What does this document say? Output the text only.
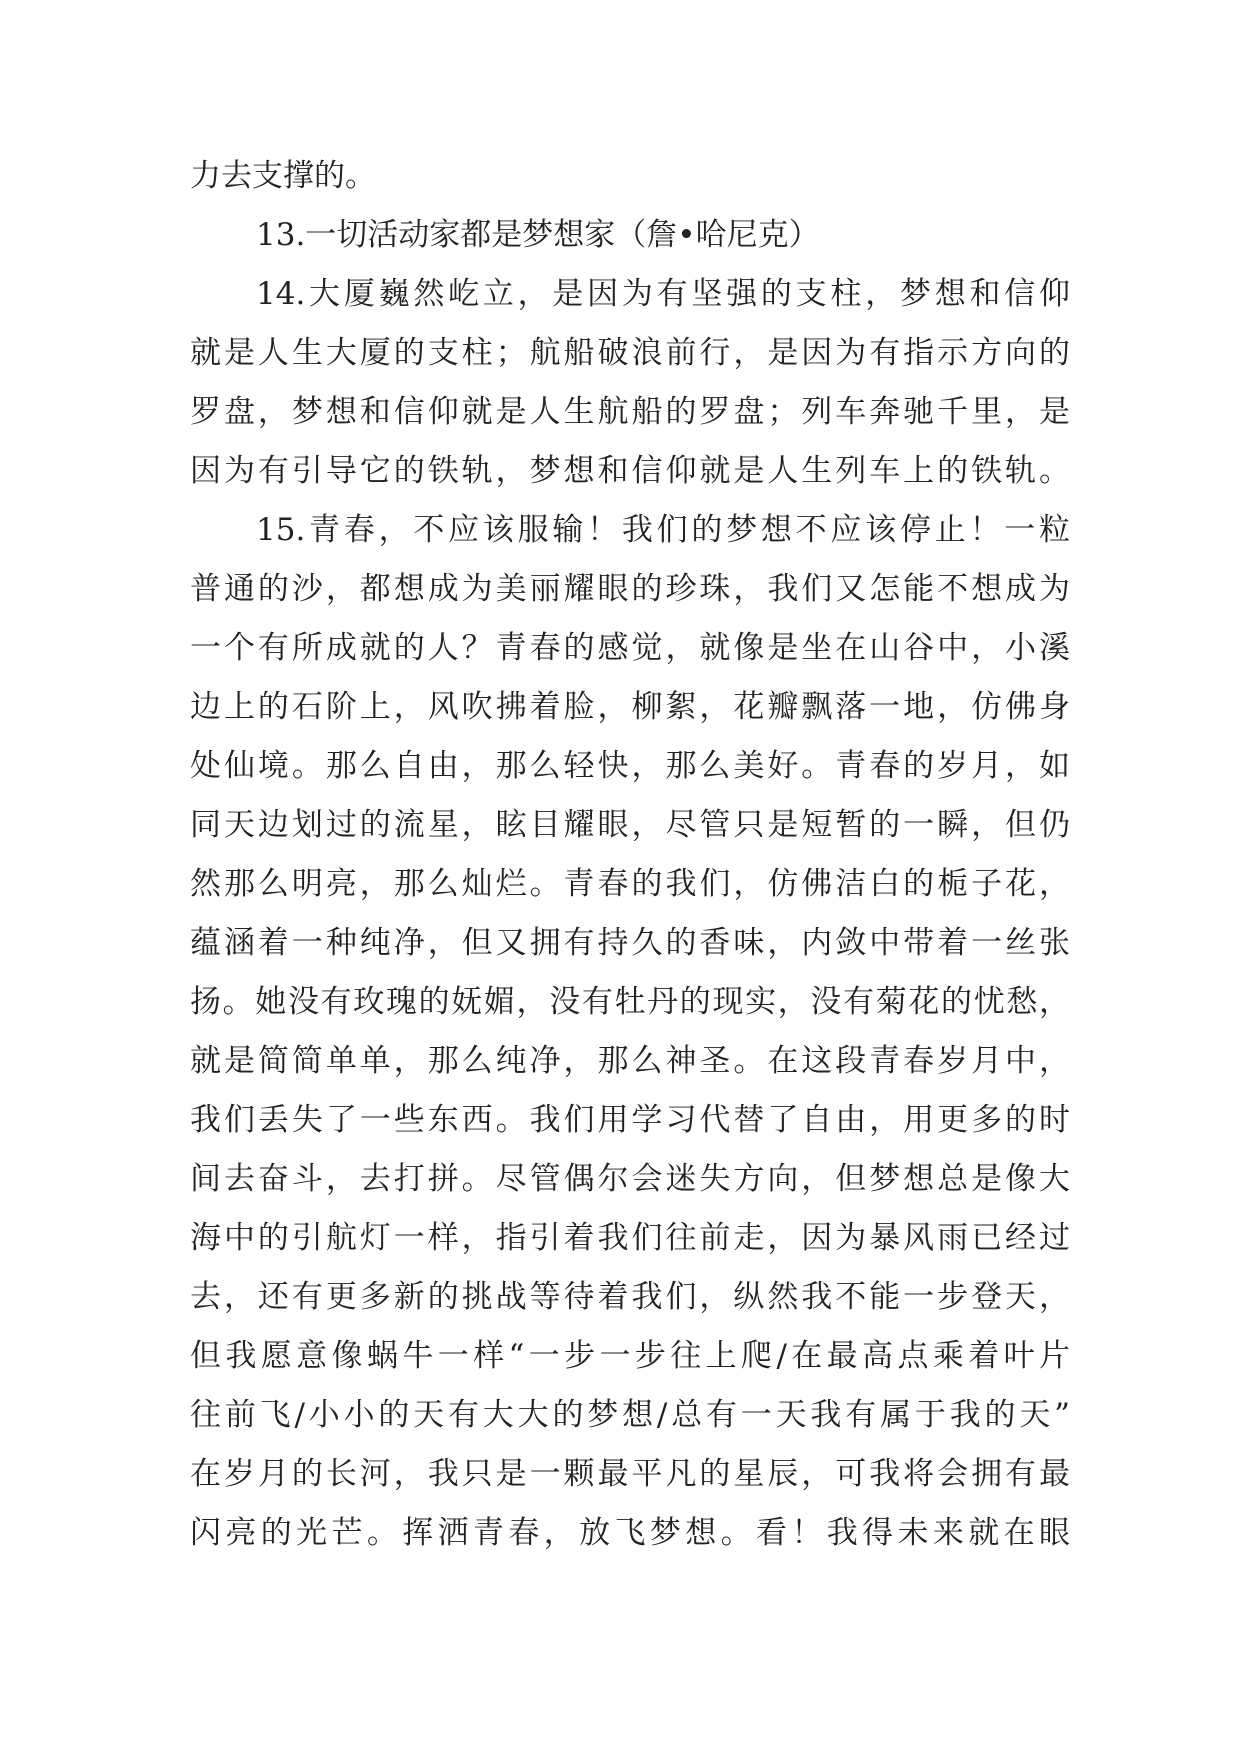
力去支撑的。
13.一切活动家都是梦想家（詹•哈尼克）
14.大厦巍然屹立，是因为有坚强的支柱，梦想和信仰
就是人生大厦的支柱；航船破浪前行，是因为有指示方向的
罗盘，梦想和信仰就是人生航船的罗盘；列车奔驰千里，是
因为有引导它的铁轨，梦想和信仰就是人生列车上的铁轨。
15.青春，不应该服输！我们的梦想不应该停止！一粒
普通的沙，都想成为美丽耀眼的珍珠，我们又怎能不想成为
一个有所成就的人？青春的感觉，就像是坐在山谷中，小溪
边上的石阶上，风吹拂着脸，柳絮，花瓣飘落一地，仿佛身
处仙境。那么自由，那么轻快，那么美好。青春的岁月，如
同天边划过的流星，眩目耀眼，尽管只是短暂的一瞬，但仍
然那么明亮，那么灿烂。青春的我们，仿佛洁白的栀子花，
蕴涵着一种纯净，但又拥有持久的香味，内敛中带着一丝张
扬。她没有玫瑰的妩媚，没有牡丹的现实，没有菊花的忧愁，
就是简简单单，那么纯净，那么神圣。在这段青春岁月中，
我们丢失了一些东西。我们用学习代替了自由，用更多的时
间去奋斗，去打拼。尽管偶尔会迷失方向，但梦想总是像大
海中的引航灯一样，指引着我们往前走，因为暴风雨已经过
去，还有更多新的挑战等待着我们，纵然我不能一步登天，
但我愿意像蜗牛一样“一步一步往上爬/在最高点乘着叶片
往前飞/小小的天有大大的梦想/总有一天我有属于我的天”
在岁月的长河，我只是一颗最平凡的星辰，可我将会拥有最
闪亮的光芒。挥洒青春，放飞梦想。看！我得未来就在眼
